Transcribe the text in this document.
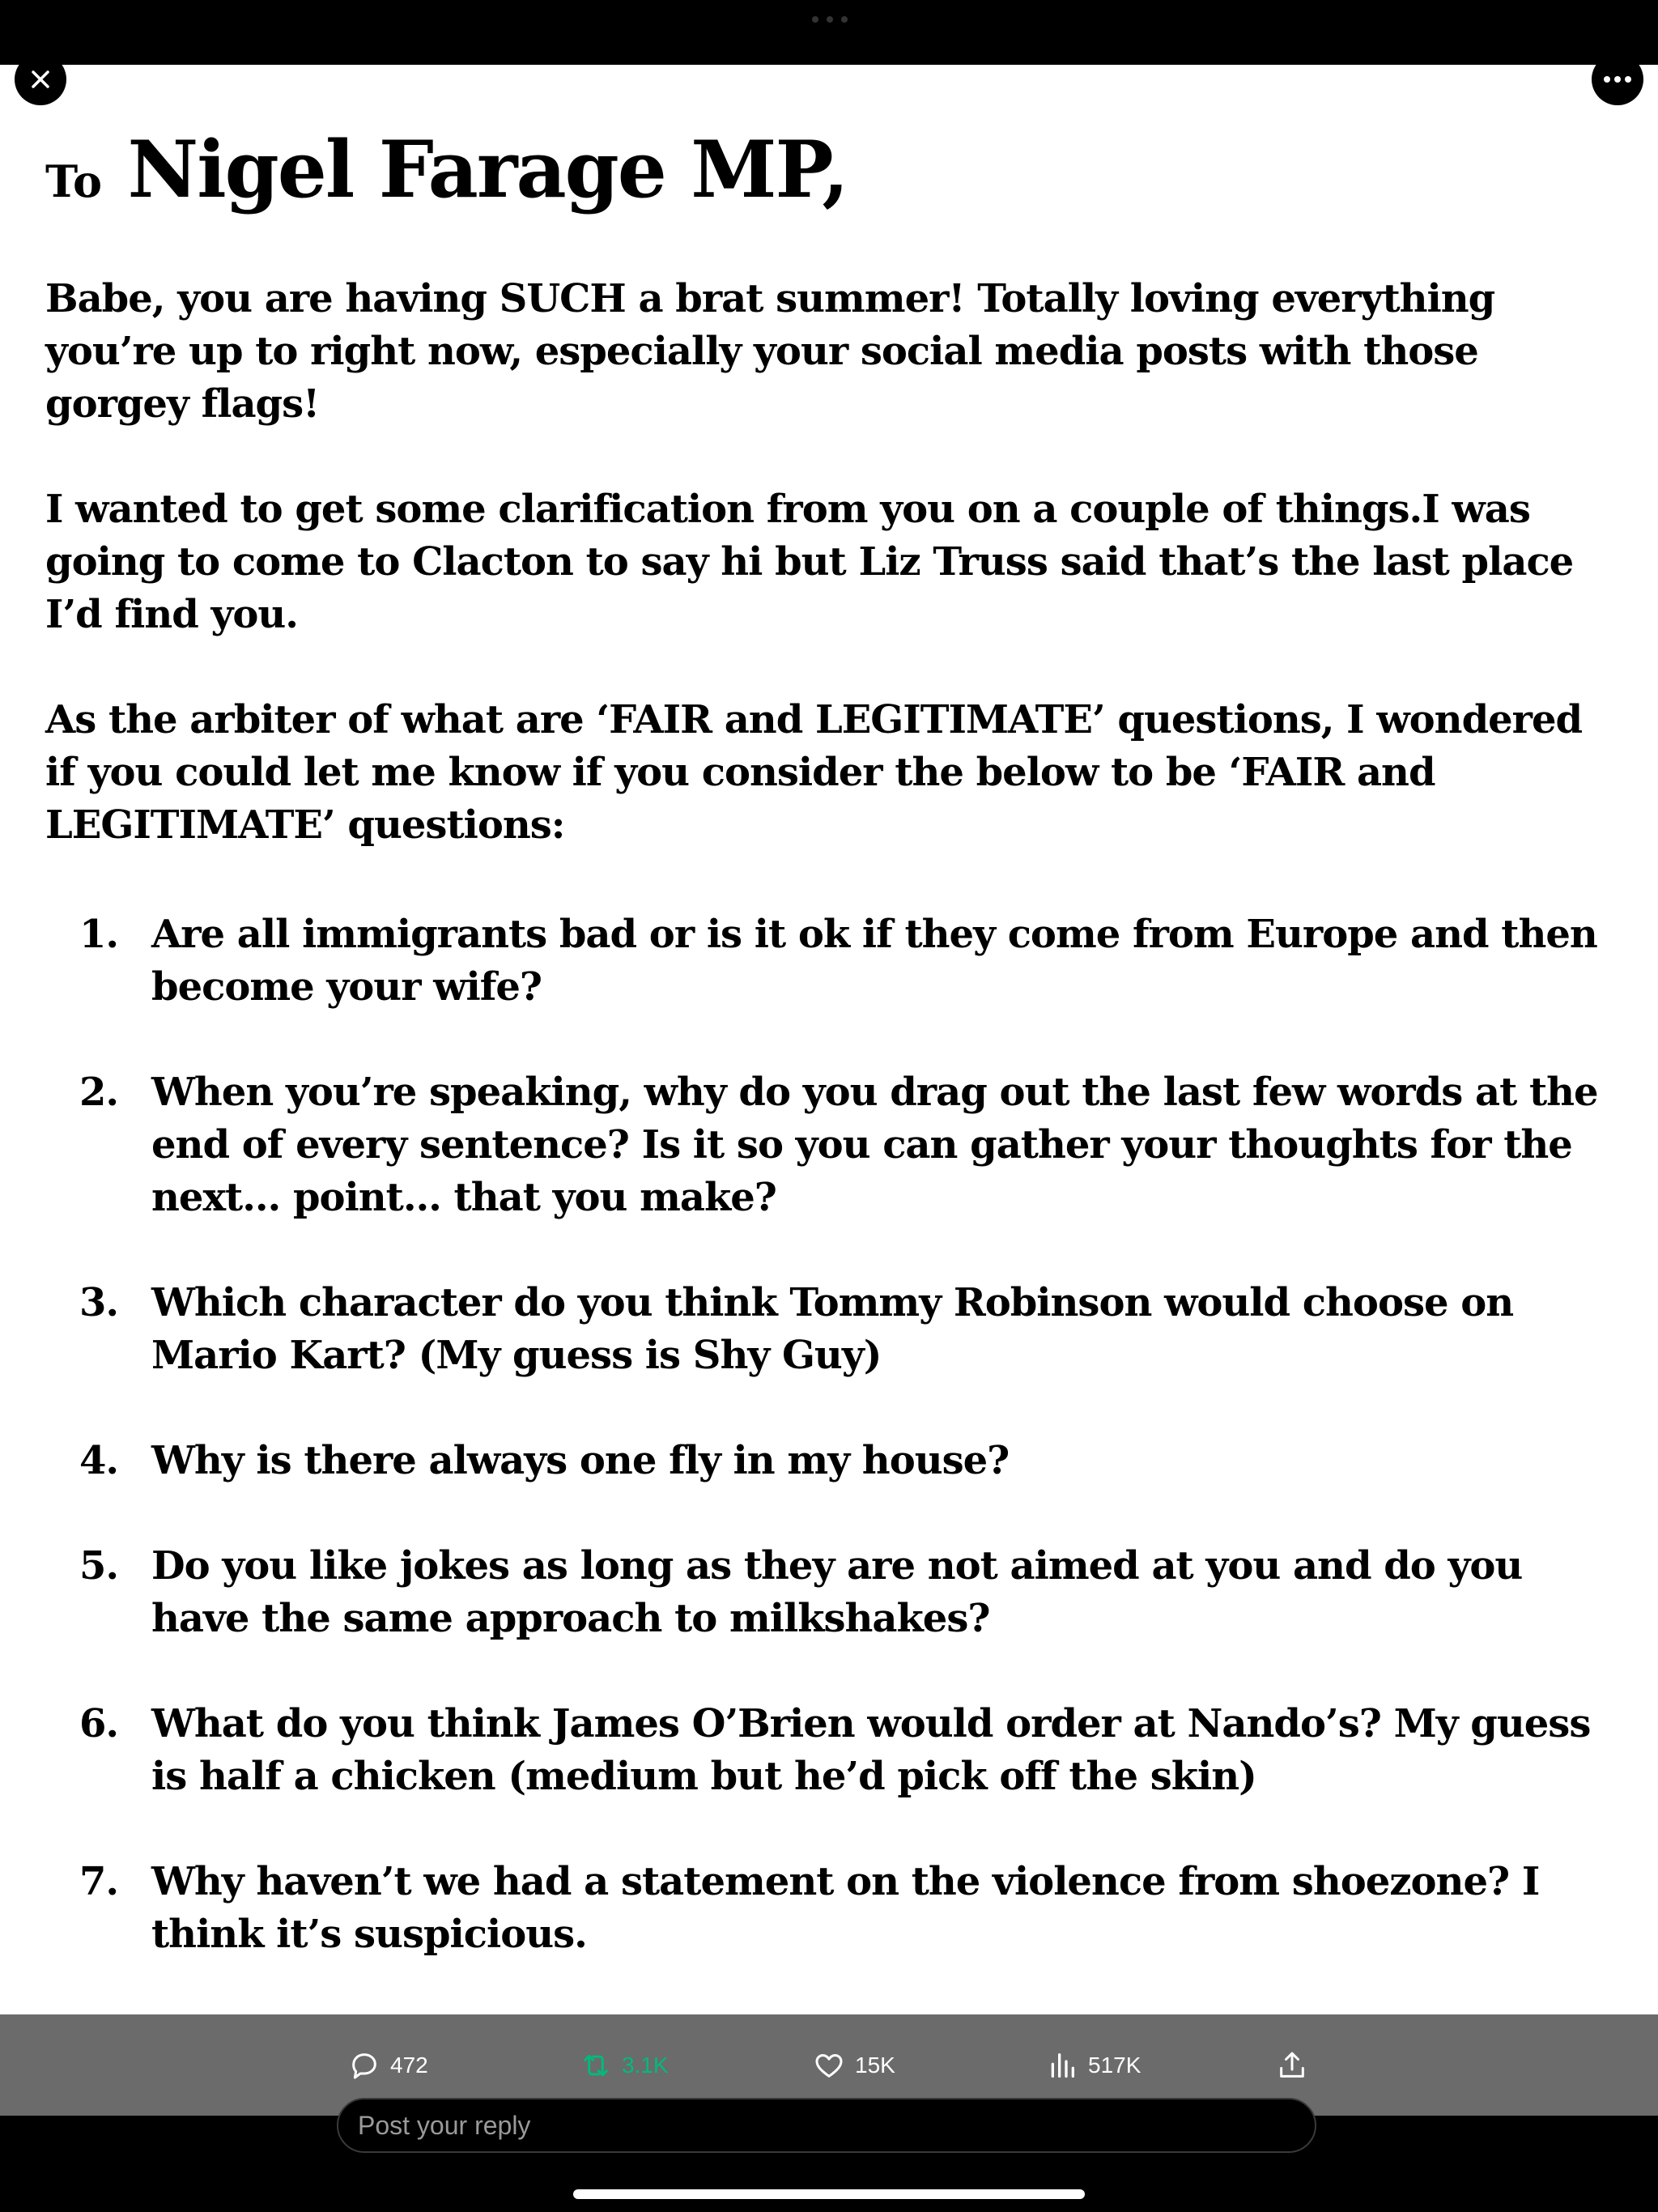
To Nigel Farage MP,

Babe, you are having SUCH a brat summer! Totally loving everything you’re up to right now, especially your social media posts with those gorgey flags!

I wanted to get some clarification from you on a couple of things.I was going to come to Clacton to say hi but Liz Truss said that’s the last place I’d find you.

As the arbiter of what are ‘FAIR and LEGITIMATE’ questions, I wondered if you could let me know if you consider the below to be ‘FAIR and LEGITIMATE’ questions:

1. Are all immigrants bad or is it ok if they come from Europe and then become your wife?
2. When you’re speaking, why do you drag out the last few words at the end of every sentence? Is it so you can gather your thoughts for the next… point… that you make?
3. Which character do you think Tommy Robinson would choose on Mario Kart? (My guess is Shy Guy)
4. Why is there always one fly in my house?
5. Do you like jokes as long as they are not aimed at you and do you have the same approach to milkshakes?
6. What do you think James O’Brien would order at Nando’s? My guess is half a chicken (medium but he’d pick off the skin)
7. Why haven’t we had a statement on the violence from shoezone? I think it’s suspicious.
472	3.1K	15K	517K
Post your reply
